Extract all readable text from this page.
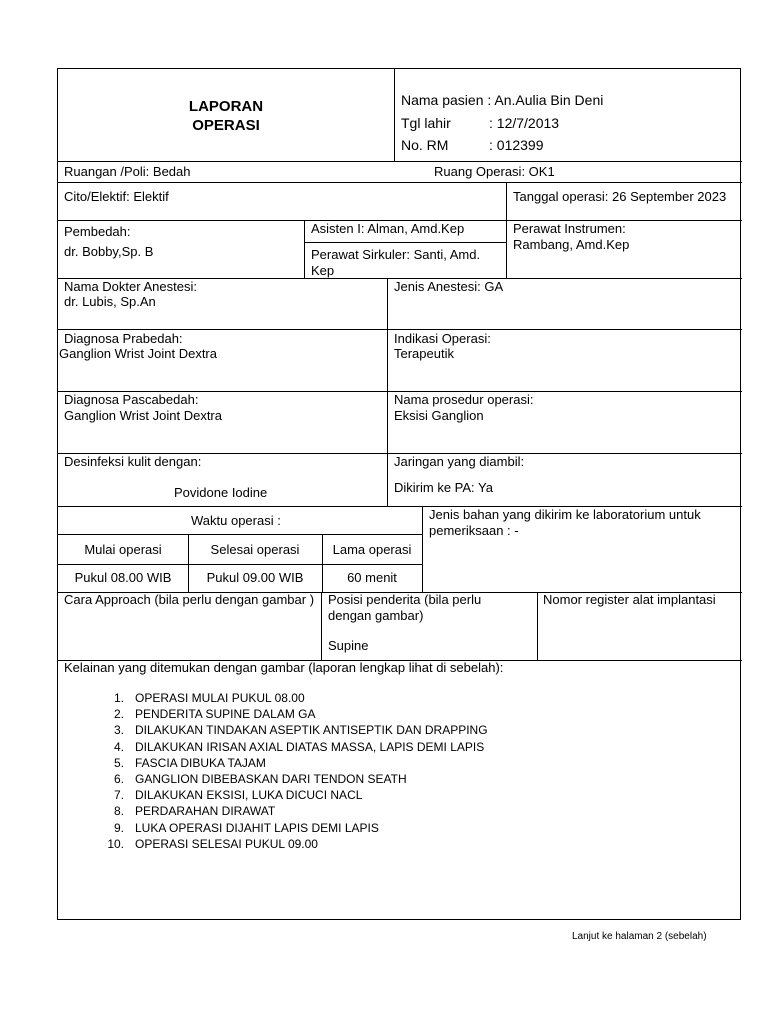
LAPORAN
OPERASI
Nama pasien : An.Aulia Bin Deni
Tgl lahir	: 12/7/2013
No. RM	: 012399
Ruangan /Poli: Bedah	Ruang Operasi: OK1
Cito/Elektif: Elektif	Tanggal operasi: 26 September 2023
Pembedah:
dr. Bobby,Sp. B
Asisten I: Alman, Amd.Kep
Perawat Sirkuler: Santi, Amd. Kep
Perawat Instrumen:
Rambang, Amd.Kep
Nama Dokter Anestesi:
dr. Lubis, Sp.An
Jenis Anestesi: GA
Diagnosa Prabedah:
Ganglion Wrist Joint Dextra
Indikasi Operasi:
Terapeutik
Diagnosa Pascabedah:
Ganglion Wrist Joint Dextra
Nama prosedur operasi:
Eksisi Ganglion
Desinfeksi kulit dengan:
Povidone Iodine
Jaringan yang diambil:
Dikirim ke PA: Ya
Waktu operasi :
Mulai operasi	Selesai operasi	Lama operasi
Pukul 08.00 WIB	Pukul 09.00 WIB	60 menit
Jenis bahan yang dikirim ke laboratorium untuk pemeriksaan : -
Cara Approach (bila perlu dengan gambar ) Posisi penderita (bila perlu dengan gambar)
Supine
Nomor register alat implantasi
Kelainan yang ditemukan dengan gambar (laporan lengkap lihat di sebelah):
1. OPERASI MULAI PUKUL 08.00
2. PENDERITA SUPINE DALAM GA
3. DILAKUKAN TINDAKAN ASEPTIK ANTISEPTIK DAN DRAPPING
4. DILAKUKAN IRISAN AXIAL DIATAS MASSA, LAPIS DEMI LAPIS
5. FASCIA DIBUKA TAJAM
6. GANGLION DIBEBASKAN DARI TENDON SEATH
7. DILAKUKAN EKSISI, LUKA DICUCI NACL
8. PERDARAHAN DIRAWAT
9. LUKA OPERASI DIJAHIT LAPIS DEMI LAPIS
10. OPERASI SELESAI PUKUL 09.00
Lanjut ke halaman 2 (sebelah)
